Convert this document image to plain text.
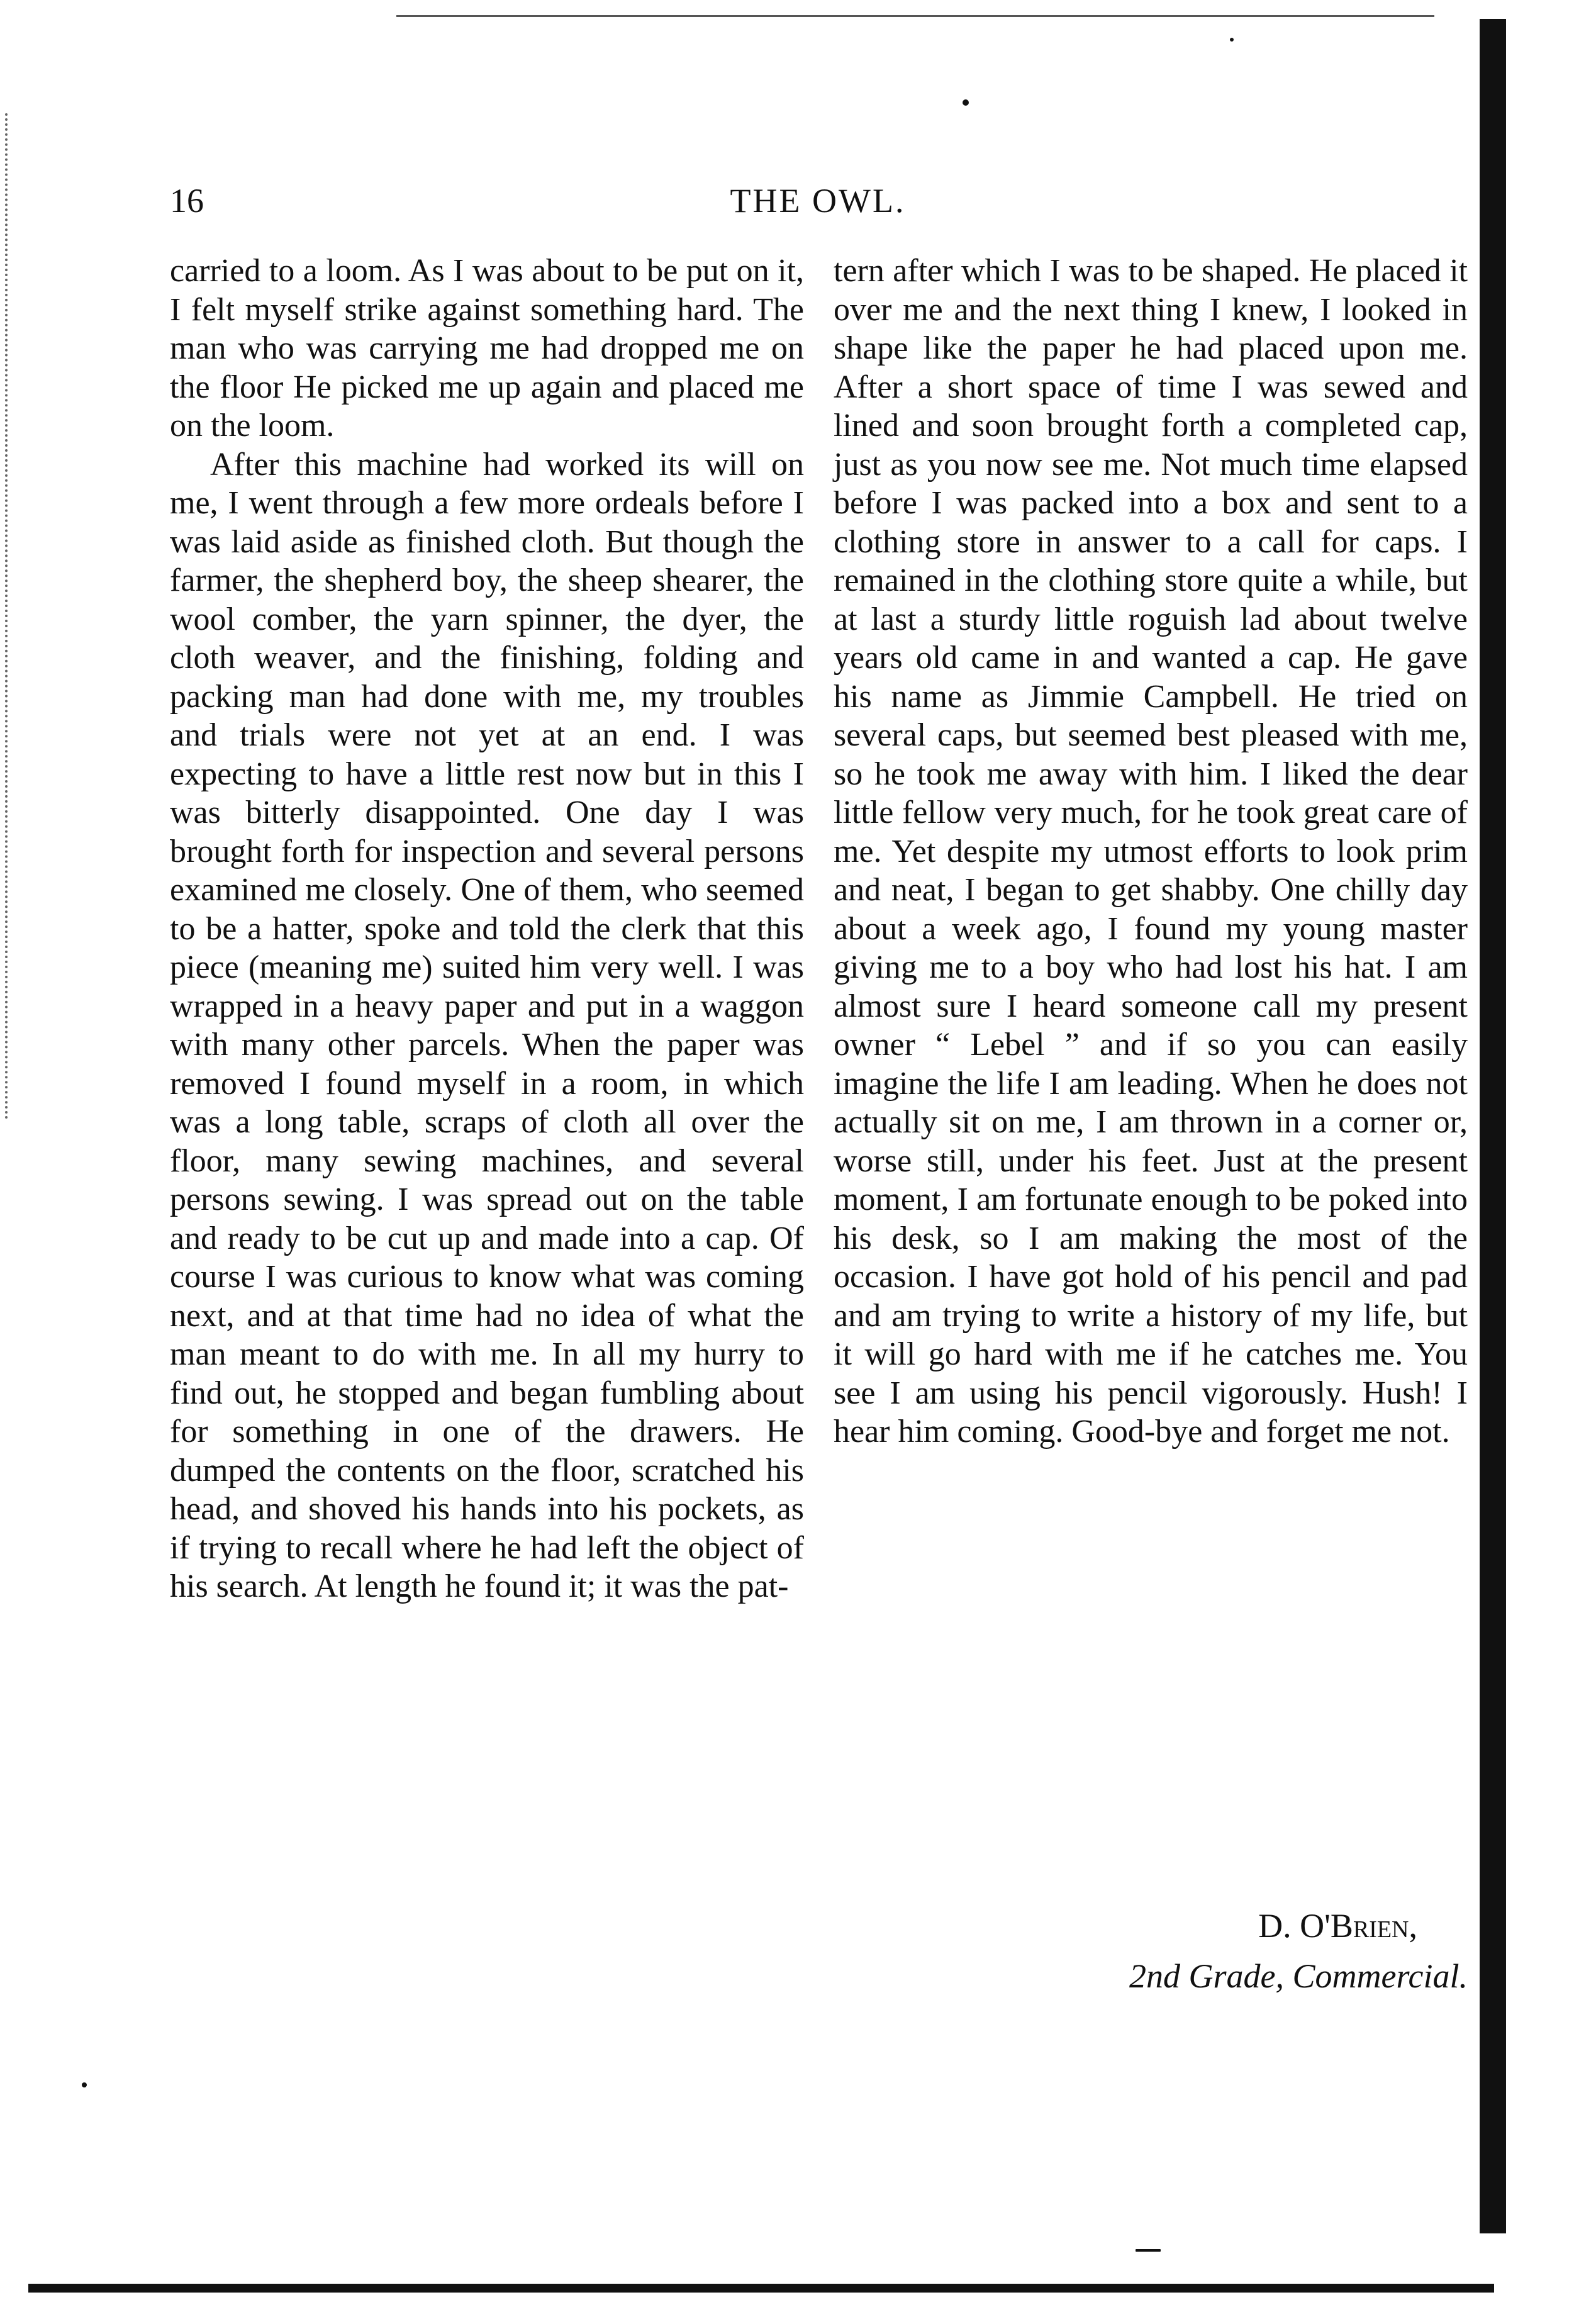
16	THE OWL.

carried to a loom. As I was about to be put on it, I felt myself strike against something hard. The man who was carrying me had dropped me on the floor He picked me up again and placed me on the loom.

After this machine had worked its will on me, I went through a few more ordeals before I was laid aside as finished cloth. But though the farmer, the shepherd boy, the sheep shearer, the wool comber, the yarn spinner, the dyer, the cloth weaver, and the finishing, folding and packing man had done with me, my troubles and trials were not yet at an end. I was expecting to have a little rest now but in this I was bitterly disappointed. One day I was brought forth for inspection and several persons examined me closely. One of them, who seemed to be a hatter, spoke and told the clerk that this piece (meaning me) suited him very well. I was wrapped in a heavy paper and put in a waggon with many other parcels. When the paper was removed I found myself in a room, in which was a long table, scraps of cloth all over the floor, many sewing machines, and several persons sewing. I was spread out on the table and ready to be cut up and made into a cap. Of course I was curious to know what was coming next, and at that time had no idea of what the man meant to do with me. In all my hurry to find out, he stopped and began fumbling about for something in one of the drawers. He dumped the contents on the floor, scratched his head, and shoved his hands into his pockets, as if trying to recall where he had left the object of his search. At length he found it; it was the pat-

tern after which I was to be shaped. He placed it over me and the next thing I knew, I looked in shape like the paper he had placed upon me. After a short space of time I was sewed and lined and soon brought forth a completed cap, just as you now see me. Not much time elapsed before I was packed into a box and sent to a clothing store in answer to a call for caps. I remained in the clothing store quite a while, but at last a sturdy little roguish lad about twelve years old came in and wanted a cap. He gave his name as Jimmie Campbell. He tried on several caps, but seemed best pleased with me, so he took me away with him. I liked the dear little fellow very much, for he took great care of me. Yet despite my utmost efforts to look prim and neat, I began to get shabby. One chilly day about a week ago, I found my young master giving me to a boy who had lost his hat. I am almost sure I heard someone call my present owner “ Lebel ” and if so you can easily imagine the life I am leading. When he does not actually sit on me, I am thrown in a corner or, worse still, under his feet. Just at the present moment, I am fortunate enough to be poked into his desk, so I am making the most of the occasion. I have got hold of his pencil and pad and am trying to write a history of my life, but it will go hard with me if he catches me. You see I am using his pencil vigorously. Hush! I hear him coming. Good-bye and forget me not.

D. O'Brien,
2nd Grade, Commercial.
